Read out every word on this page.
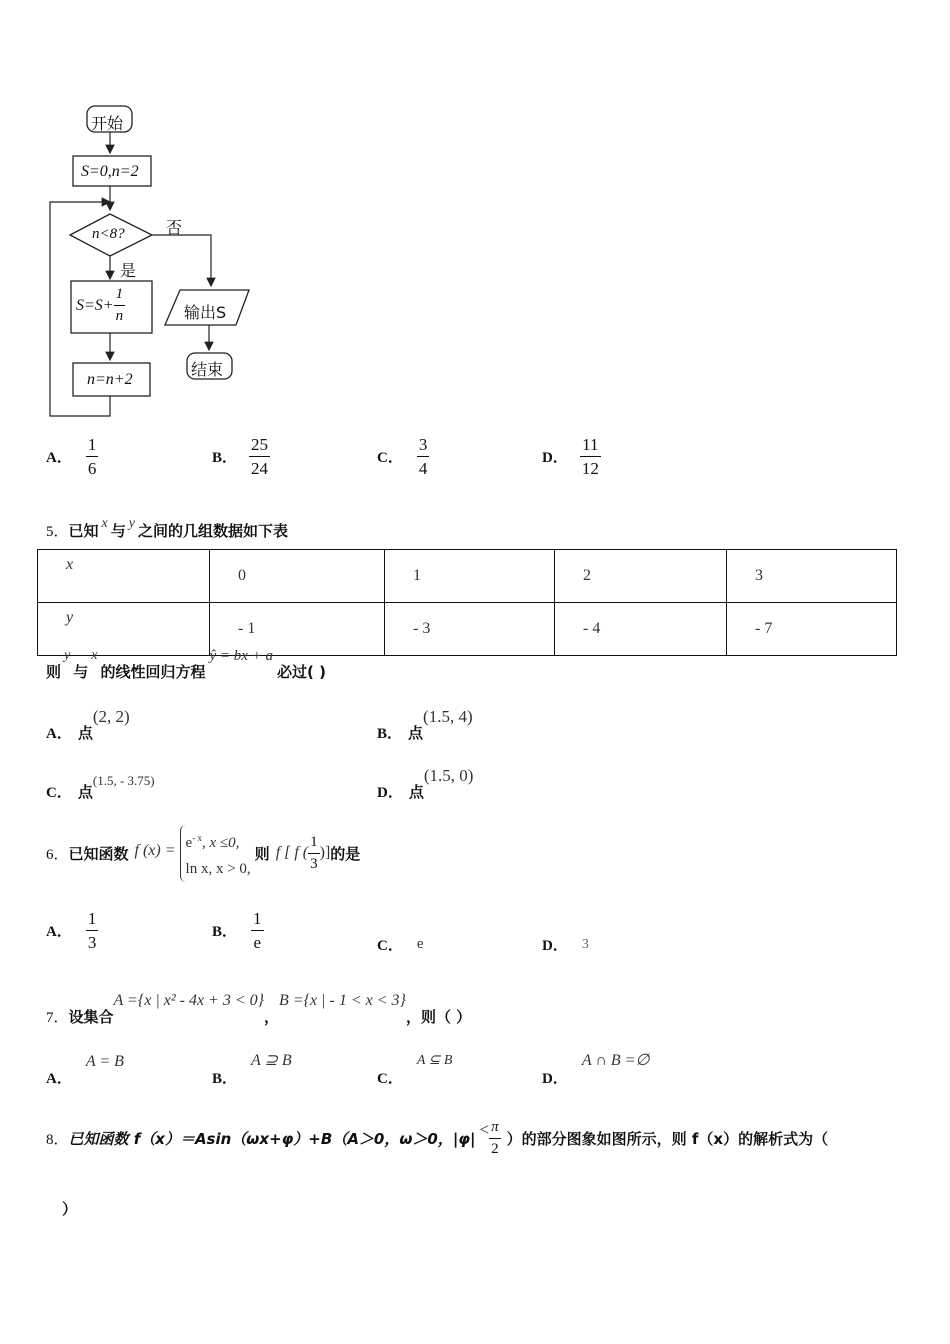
开始
S=0,n=2
n<8?	否
是
$S=S+ \frac{1}{n}$
n=n+2
输出S
结束
A． $\frac{1}{6}$	B． $\frac{25}{24}$	C． $\frac{3}{4}$	D． $\frac{11}{12}$
5． 已知 x 与 y 之间的几组数据如下表
x	0	1	2	3
y	- 1	- 3	- 4	- 7
则
y
与
x
的线性回归方程
ŷ = bx + a
必过( )
A． 点
(2, 2)
B． 点
(1.5, 4)
C． 点
(1.5, - 3.75)
D． 点
(1.5, 0)
6． 已知函数 f $(x) = e^{- x}$, x ≤0,
ln x, x > 0,
则 f [ f ( $\frac{1}{3}$ )] 的是
A． $\frac{1}{3}$	B． $\frac{1}{e}$	C． e	D． 3
7． 设集合
A ={x | x² - 4x + 3 < 0}
，
B ={x | - 1 < x < 3}
，则（ ）
A．
A = B
B．
A ⊇ B
C．
A ⊆ B
D．
A ∩ B =∅
8． 已知函数 f（x）＝Asin（ωx+φ）+B（A＞0，ω＞0，$|\varphi| < \frac{\pi}{2}$ ）的部分图象如图所示，则 f（x）的解析式为（
）
